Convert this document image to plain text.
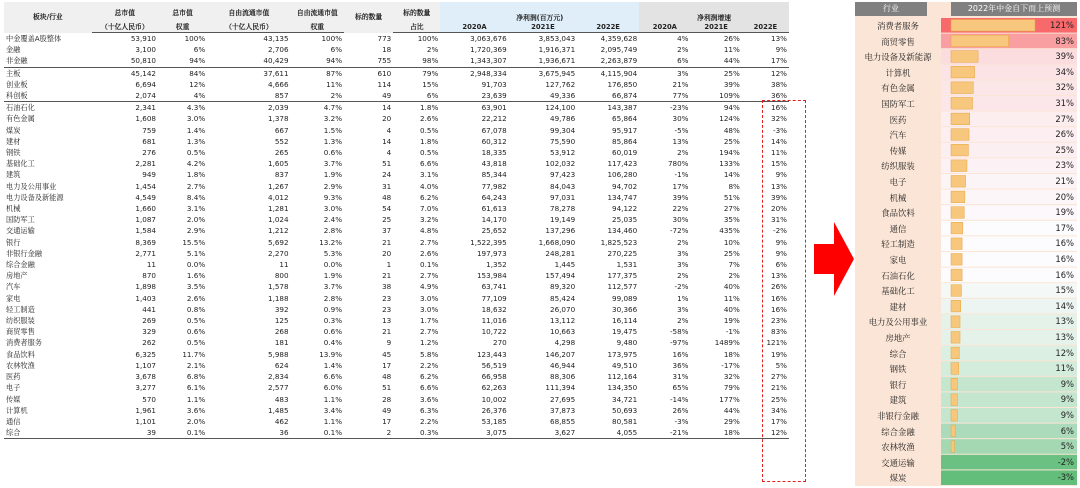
板块/行业	总市值	总市值	自由流通市值	自由流通市值	标的数量	标的数量						
							净利润(百万元)			净利润增速		
	（十亿人民币）	权重	（十亿人民币）	权重		占比	2020A	2021E	2022E	2020A	2021E	2022E
中金覆盖A股整体	53,910	100%	43,135	100%	773	100%	3,063,676	3,853,043	4,359,628	4%	26%	13%
金融	3,100	6%	2,706	6%	18	2%	1,720,369	1,916,371	2,095,749	2%	11%	9%
非金融	50,810	94%	40,429	94%	755	98%	1,343,307	1,936,671	2,263,879	6%	44%	17%
主板	45,142	84%	37,611	87%	610	79%	2,948,334	3,675,945	4,115,904	3%	25%	12%
创业板	6,694	12%	4,666	11%	114	15%	91,703	127,762	176,850	21%	39%	38%
科创板	2,074	4%	857	2%	49	6%	23,639	49,336	66,874	77%	109%	36%
石油石化	2,341	4.3%	2,039	4.7%	14	1.8%	63,901	124,100	143,387	-23%	94%	16%
有色金属	1,608	3.0%	1,378	3.2%	20	2.6%	22,212	49,786	65,864	30%	124%	32%
煤炭	759	1.4%	667	1.5%	4	0.5%	67,078	99,304	95,917	-5%	48%	-3%
建材	681	1.3%	552	1.3%	14	1.8%	60,312	75,590	85,864	13%	25%	14%
钢铁	276	0.5%	265	0.6%	4	0.5%	18,335	53,912	60,019	2%	194%	11%
基础化工	2,281	4.2%	1,605	3.7%	51	6.6%	43,818	102,032	117,423	780%	133%	15%
建筑	949	1.8%	837	1.9%	24	3.1%	85,344	97,423	106,280	-1%	14%	9%
电力及公用事业	1,454	2.7%	1,267	2.9%	31	4.0%	77,982	84,043	94,702	17%	8%	13%
电力设备及新能源	4,549	8.4%	4,012	9.3%	48	6.2%	64,243	97,031	134,747	39%	51%	39%
机械	1,660	3.1%	1,281	3.0%	54	7.0%	61,613	78,278	94,122	22%	27%	20%
国防军工	1,087	2.0%	1,024	2.4%	25	3.2%	14,170	19,149	25,035	30%	35%	31%
交通运输	1,584	2.9%	1,212	2.8%	37	4.8%	25,652	137,296	134,460	-72%	435%	-2%
银行	8,369	15.5%	5,692	13.2%	21	2.7%	1,522,395	1,668,090	1,825,523	2%	10%	9%
非银行金融	2,771	5.1%	2,270	5.3%	20	2.6%	197,973	248,281	270,225	3%	25%	9%
综合金融	11	0.0%	11	0.0%	1	0.1%	1,352	1,445	1,531	3%	7%	6%
房地产	870	1.6%	800	1.9%	21	2.7%	153,984	157,494	177,375	2%	2%	13%
汽车	1,898	3.5%	1,578	3.7%	38	4.9%	63,741	89,320	112,577	-2%	40%	26%
家电	1,403	2.6%	1,188	2.8%	23	3.0%	77,109	85,424	99,089	1%	11%	16%
轻工制造	441	0.8%	392	0.9%	23	3.0%	18,632	26,070	30,366	3%	40%	16%
纺织服装	269	0.5%	125	0.3%	13	1.7%	11,016	13,112	16,114	2%	19%	23%
商贸零售	329	0.6%	268	0.6%	21	2.7%	10,722	10,663	19,475	-58%	-1%	83%
消费者服务	262	0.5%	181	0.4%	9	1.2%	270	4,298	9,480	-97%	1489%	121%
食品饮料	6,325	11.7%	5,988	13.9%	45	5.8%	123,443	146,207	173,975	16%	18%	19%
农林牧渔	1,107	2.1%	624	1.4%	17	2.2%	56,519	46,944	49,510	36%	-17%	5%
医药	3,678	6.8%	2,834	6.6%	48	6.2%	66,958	88,306	112,164	31%	32%	27%
电子	3,277	6.1%	2,577	6.0%	51	6.6%	62,263	111,394	134,350	65%	79%	21%
传媒	570	1.1%	483	1.1%	28	3.6%	10,002	27,695	34,721	-14%	177%	25%
计算机	1,961	3.6%	1,485	3.4%	49	6.3%	26,376	37,873	50,693	26%	44%	34%
通信	1,101	2.0%	462	1.1%	17	2.2%	53,185	68,855	80,581	-3%	29%	17%
综合	39	0.1%	36	0.1%	2	0.3%	3,075	3,627	4,055	-21%	18%	12%
行业	2022年中金自下而上预测
消费者服务	121%
商贸零售	83%
电力设备及新能源	39%
计算机	34%
有色金属	32%
国防军工	31%
医药	27%
汽车	26%
传媒	25%
纺织服装	23%
电子	21%
机械	20%
食品饮料	19%
通信	17%
轻工制造	16%
家电	16%
石油石化	16%
基础化工	15%
建材	14%
电力及公用事业	13%
房地产	13%
综合	12%
钢铁	11%
银行	9%
建筑	9%
非银行金融	9%
综合金融	6%
农林牧渔	5%
交通运输	-2%
煤炭	-3%
